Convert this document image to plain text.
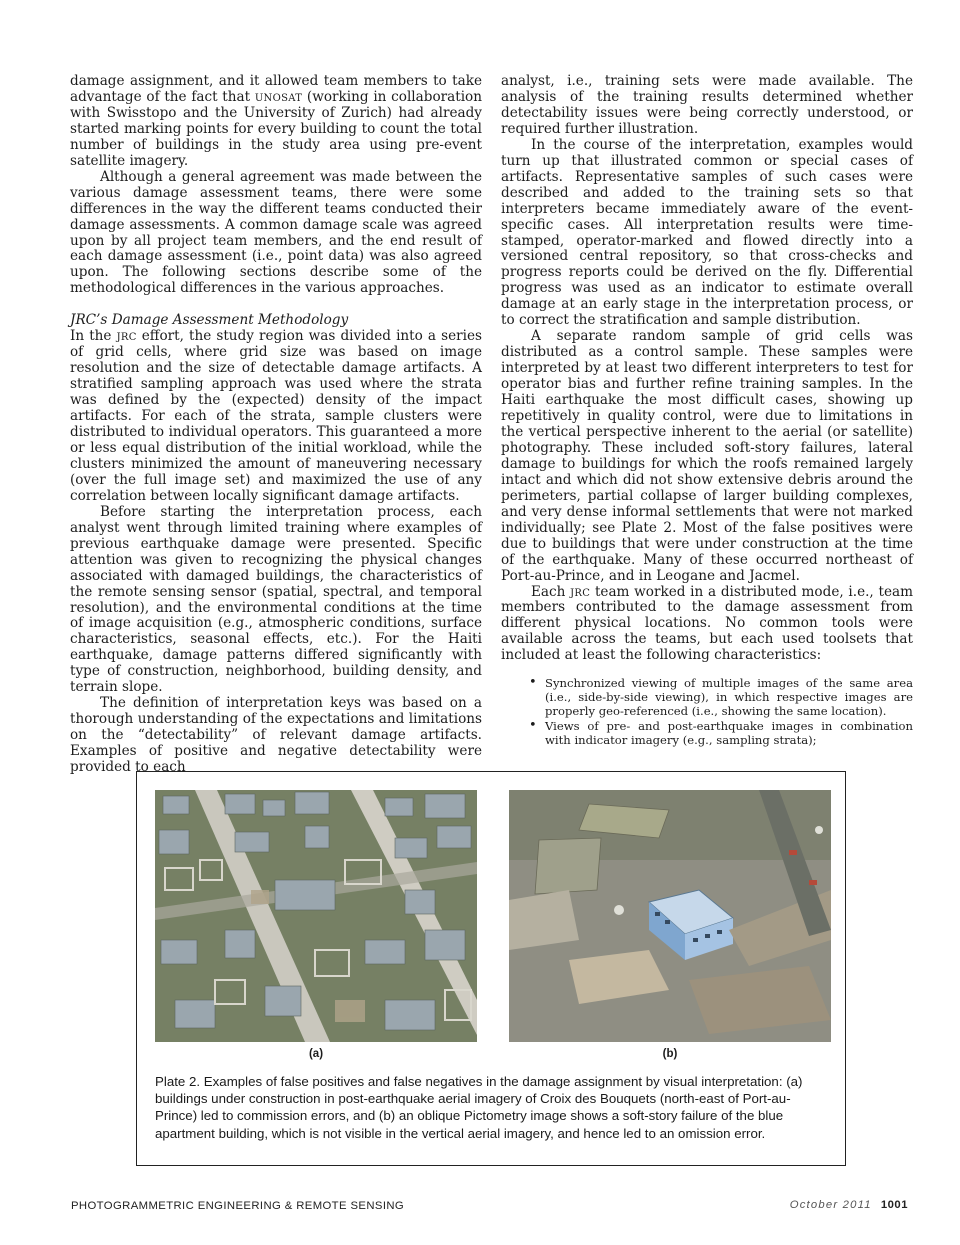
damage assignment, and it allowed team members to take advantage of the fact that unosat (working in collaboration with Swisstopo and the University of Zurich) had already started marking points for every building to count the total number of buildings in the study area using pre-event satellite imagery.

Although a general agreement was made between the various damage assessment teams, there were some differences in the way the different teams conducted their damage assessments. A common damage scale was agreed upon by all project team members, and the end result of each damage assessment (i.e., point data) was also agreed upon. The following sections describe some of the methodological differences in the various approaches.

JRC’s Damage Assessment Methodology

In the jrc effort, the study region was divided into a series of grid cells, where grid size was based on image resolution and the size of detectable damage artifacts. A stratified sampling approach was used where the strata was defined by the (expected) density of the impact artifacts. For each of the strata, sample clusters were distributed to individual operators. This guaranteed a more or less equal distribution of the initial workload, while the clusters minimized the amount of maneuvering necessary (over the full image set) and maximized the use of any correlation between locally significant damage artifacts.

Before starting the interpretation process, each analyst went through limited training where examples of previous earthquake damage were presented. Specific attention was given to recognizing the physical changes associated with damaged buildings, the characteristics of the remote sensing sensor (spatial, spectral, and temporal resolution), and the environmental conditions at the time of image acquisition (e.g., atmospheric conditions, surface characteristics, seasonal effects, etc.). For the Haiti earthquake, damage patterns differed significantly with type of construction, neighborhood, building density, and terrain slope.

The definition of interpretation keys was based on a thorough understanding of the expectations and limitations on the “detectability” of relevant damage artifacts. Examples of positive and negative detectability were provided to each

analyst, i.e., training sets were made available. The analysis of the training results determined whether detectability issues were being correctly understood, or required further illustration.

In the course of the interpretation, examples would turn up that illustrated common or special cases of artifacts. Representative samples of such cases were described and added to the training sets so that interpreters became immediately aware of the event-specific cases. All interpretation results were time-stamped, operator-marked and flowed directly into a versioned central repository, so that cross-checks and progress reports could be derived on the fly. Differential progress was used as an indicator to estimate overall damage at an early stage in the interpretation process, or to correct the stratification and sample distribution.

A separate random sample of grid cells was distributed as a control sample. These samples were interpreted by at least two different interpreters to test for operator bias and further refine training samples. In the Haiti earthquake the most difficult cases, showing up repetitively in quality control, were due to limitations in the vertical perspective inherent to the aerial (or satellite) photography. These included soft-story failures, lateral damage to buildings for which the roofs remained largely intact and which did not show extensive debris around the perimeters, partial collapse of larger building complexes, and very dense informal settlements that were not marked individually; see Plate 2. Most of the false positives were due to buildings that were under construction at the time of the earthquake. Many of these occurred northeast of Port-au-Prince, and in Leogane and Jacmel.

Each jrc team worked in a distributed mode, i.e., team members contributed to the damage assessment from different physical locations. No common tools were available across the teams, but each used toolsets that included at least the following characteristics:

• Synchronized viewing of multiple images of the same area (i.e., side-by-side viewing), in which respective images are properly geo-referenced (i.e., showing the same location).
• Views of pre- and post-earthquake images in combination with indicator imagery (e.g., sampling strata);
(a)	(b)
Plate 2. Examples of false positives and false negatives in the damage assignment by visual interpretation: (a) buildings under construction in post-earthquake aerial imagery of Croix des Bouquets (north-east of Port-au-Prince) led to commission errors, and (b) an oblique Pictometry image shows a soft-story failure of the blue apartment building, which is not visible in the vertical aerial imagery, and hence led to an omission error.
PHOTOGRAMMETRIC ENGINEERING & REMOTE SENSING	October 2011 1001
